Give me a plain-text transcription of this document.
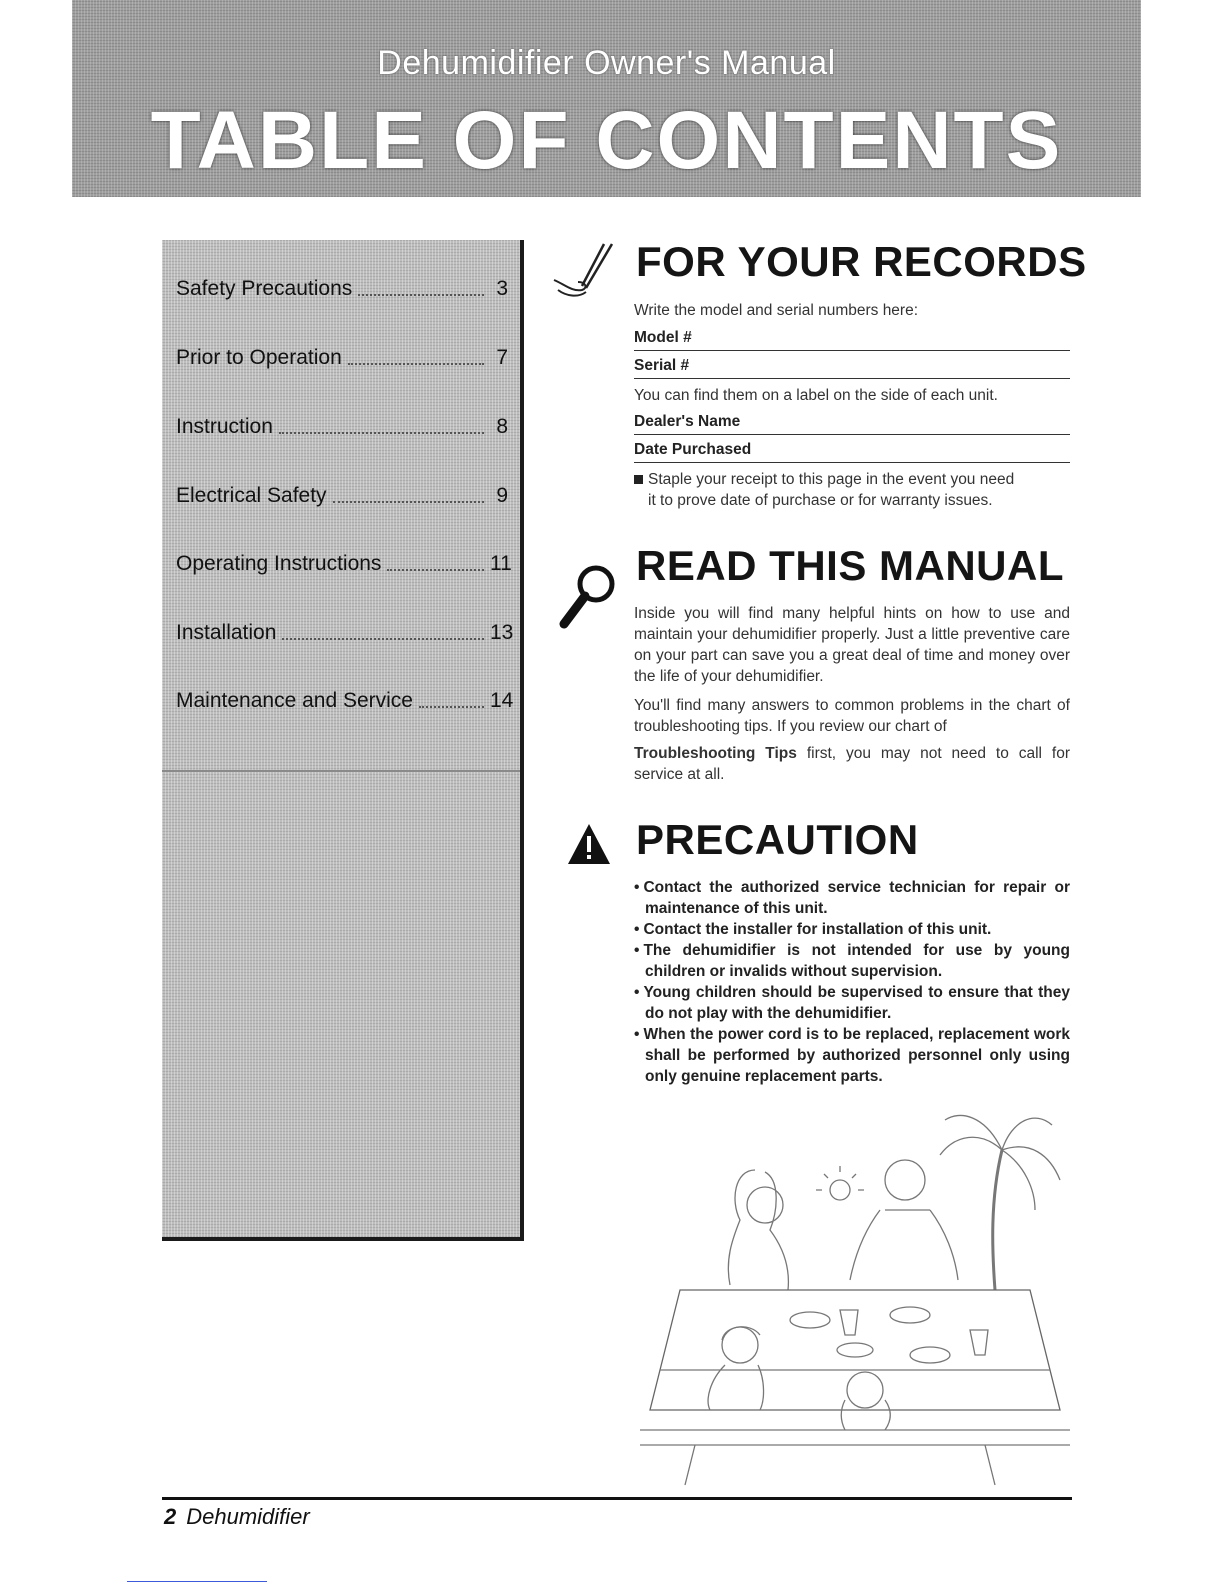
Dehumidifier Owner's Manual
TABLE OF CONTENTS
Safety Precautions	3
Prior to Operation	7
Instruction	8
Electrical Safety	9
Operating Instructions	11
Installation	13
Maintenance and Service	14
FOR YOUR RECORDS
Write the model and serial numbers here:
Model #
Serial #
You can find them on a label on the side of each unit.
Dealer's Name
Date Purchased
Staple your receipt to this page in the event you need
it to prove date of purchase or for warranty issues.
READ THIS MANUAL
Inside you will find many helpful hints on how to use and maintain your dehumidifier properly. Just a little preventive care on your part can save you a great deal of time and money over the life of your dehumidifier.
You'll find many answers to common problems in the chart of troubleshooting tips. If you review our chart of
Troubleshooting Tips first, you may not need to call for service at all.
PRECAUTION
• Contact the authorized service technician for repair or maintenance of this unit.
• Contact the installer for installation of this unit.
• The dehumidifier is not intended for use by young children or invalids without supervision.
• Young children should be supervised to ensure that they do not play with the dehumidifier.
• When the power cord is to be replaced, replacement work shall be performed by authorized personnel only using only genuine replacement parts.
2 Dehumidifier
